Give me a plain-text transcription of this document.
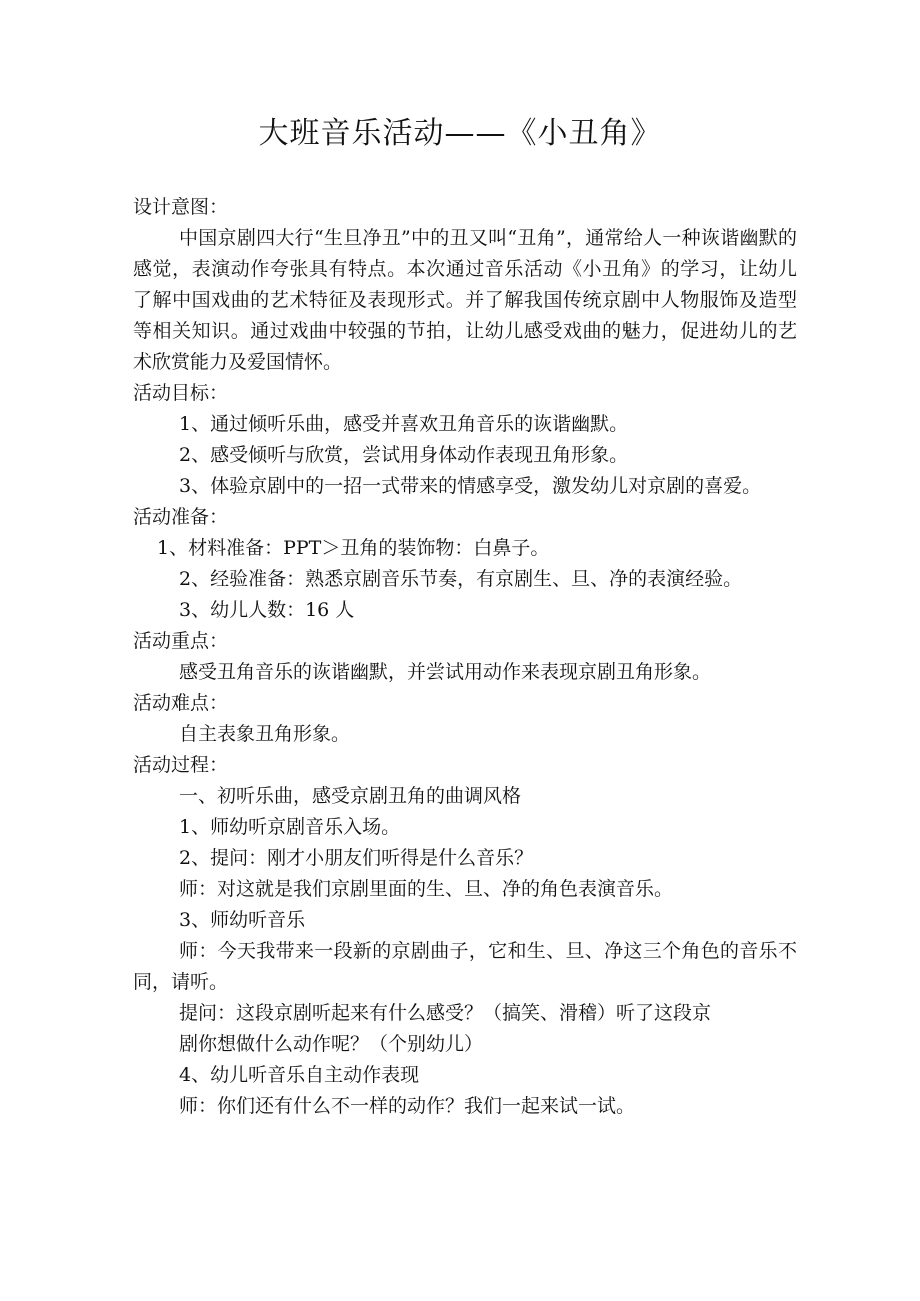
大班音乐活动——《小丑角》

设计意图：

中国京剧四大行“生旦净丑”中的丑又叫“丑角”，通常给人一种诙谐幽默的感觉，表演动作夸张具有特点。本次通过音乐活动《小丑角》的学习，让幼儿了解中国戏曲的艺术特征及表现形式。并了解我国传统京剧中人物服饰及造型等相关知识。通过戏曲中较强的节拍，让幼儿感受戏曲的魅力，促进幼儿的艺术欣赏能力及爱国情怀。

活动目标：

1、通过倾听乐曲，感受并喜欢丑角音乐的诙谐幽默。

2、感受倾听与欣赏，尝试用身体动作表现丑角形象。

3、体验京剧中的一招一式带来的情感享受，激发幼儿对京剧的喜爱。

活动准备：

1、材料准备：PPT＞丑角的装饰物：白鼻子。

2、经验准备：熟悉京剧音乐节奏，有京剧生、旦、净的表演经验。

3、幼儿人数：16 人

活动重点：

感受丑角音乐的诙谐幽默，并尝试用动作来表现京剧丑角形象。

活动难点：

自主表象丑角形象。

活动过程：

一、初听乐曲，感受京剧丑角的曲调风格

1、师幼听京剧音乐入场。

2、提问：刚才小朋友们听得是什么音乐？

师：对这就是我们京剧里面的生、旦、净的角色表演音乐。

3、师幼听音乐

师：今天我带来一段新的京剧曲子，它和生、旦、净这三个角色的音乐不同，请听。

提问：这段京剧听起来有什么感受？（搞笑、滑稽）听了这段京

剧你想做什么动作呢？（个别幼儿）

4、幼儿听音乐自主动作表现

师：你们还有什么不一样的动作？我们一起来试一试。
